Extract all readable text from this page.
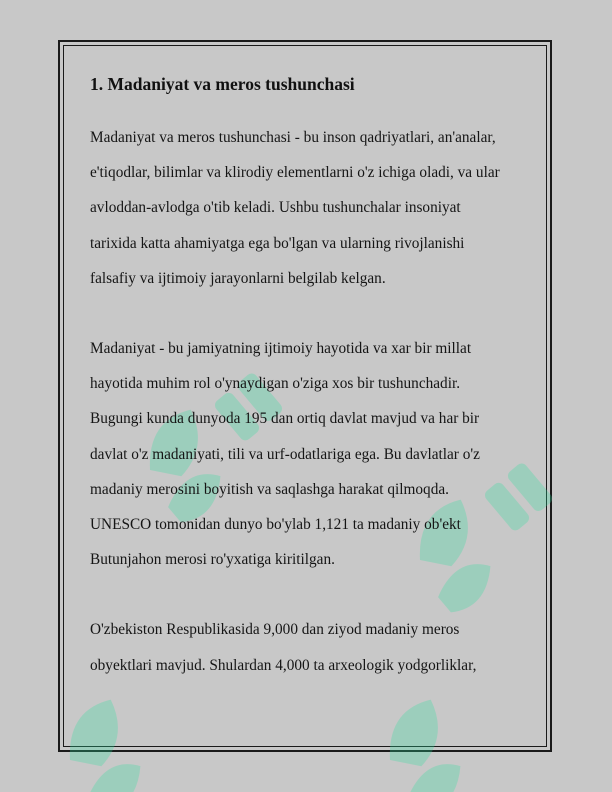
1. Madaniyat va meros tushunchasi

Madaniyat va meros tushunchasi - bu inson qadriyatlari, an'analar,
e'tiqodlar, bilimlar va klirodiy elementlarni o'z ichiga oladi, va ular
avloddan-avlodga o'tib keladi. Ushbu tushunchalar insoniyat
tarixida katta ahamiyatga ega bo'lgan va ularning rivojlanishi
falsafiy va ijtimoiy jarayonlarni belgilab kelgan.

Madaniyat - bu jamiyatning ijtimoiy hayotida va xar bir millat
hayotida muhim rol o'ynaydigan o'ziga xos bir tushunchadir.
Bugungi kunda dunyoda 195 dan ortiq davlat mavjud va har bir
davlat o'z madaniyati, tili va urf-odatlariga ega. Bu davlatlar o'z
madaniy merosini boyitish va saqlashga harakat qilmoqda.
UNESCO tomonidan dunyo bo'ylab 1,121 ta madaniy ob'ekt
Butunjahon merosi ro'yxatiga kiritilgan.

O'zbekiston Respublikasida 9,000 dan ziyod madaniy meros
obyektlari mavjud. Shulardan 4,000 ta arxeologik yodgorliklar,
